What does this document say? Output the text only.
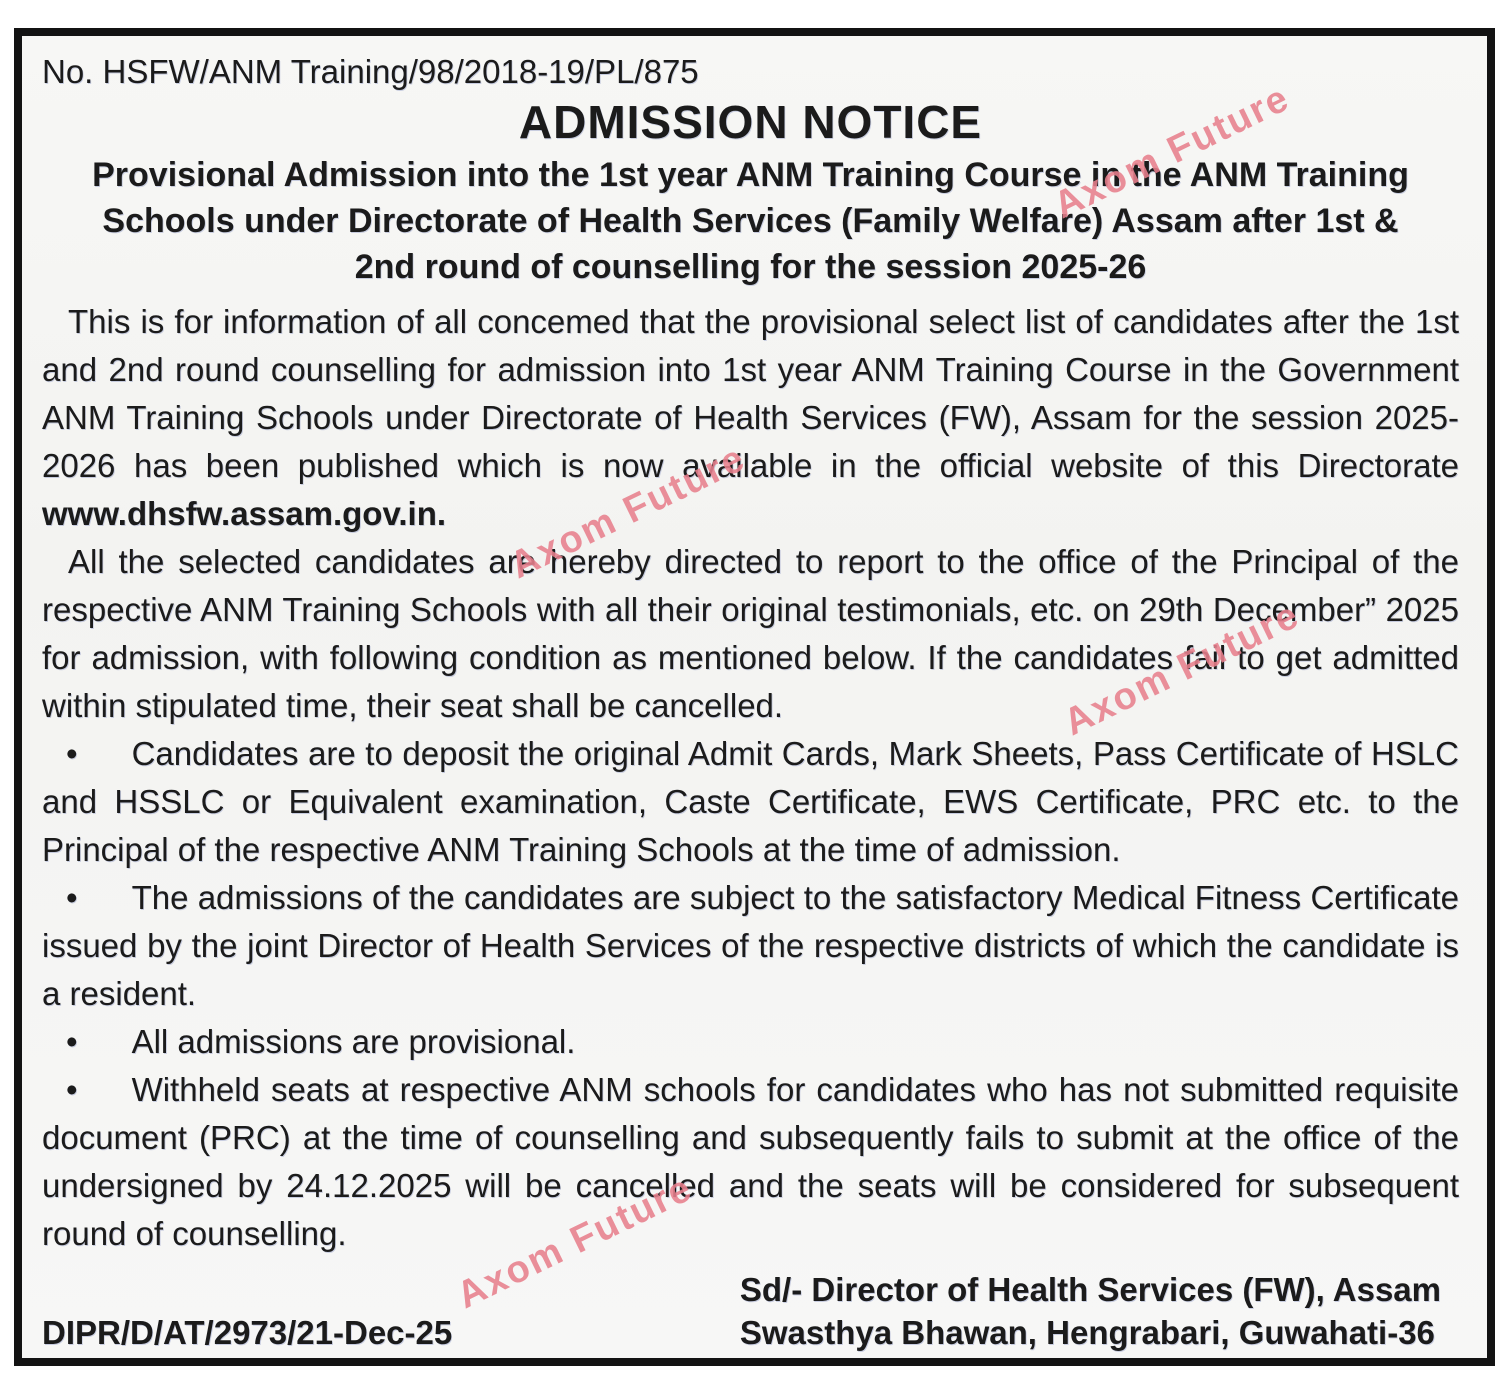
No. HSFW/ANM Training/98/2018-19/PL/875
ADMISSION NOTICE
Provisional Admission into the 1st year ANM Training Course in the ANM Training Schools under Directorate of Health Services (Family Welfare) Assam after 1st & 2nd round of counselling for the session 2025-26

This is for information of all concemed that the provisional select list of candidates after the 1st and 2nd round counselling for admission into 1st year ANM Training Course in the Government ANM Training Schools under Directorate of Health Services (FW), Assam for the session 2025-2026 has been published which is now available in the official website of this Directorate www.dhsfw.assam.gov.in.

All the selected candidates are hereby directed to report to the office of the Principal of the respective ANM Training Schools with all their original testimonials, etc. on 29th December” 2025 for admission, with following condition as mentioned below. If the candidates fail to get admitted within stipulated time, their seat shall be cancelled.

• Candidates are to deposit the original Admit Cards, Mark Sheets, Pass Certificate of HSLC and HSSLC or Equivalent examination, Caste Certificate, EWS Certificate, PRC etc. to the Principal of the respective ANM Training Schools at the time of admission.

• The admissions of the candidates are subject to the satisfactory Medical Fitness Certificate issued by the joint Director of Health Services of the respective districts of which the candidate is a resident.

• All admissions are provisional.

• Withheld seats at respective ANM schools for candidates who has not submitted requisite document (PRC) at the time of counselling and subsequently fails to submit at the office of the undersigned by 24.12.2025 will be cancelled and the seats will be considered for subsequent round of counselling.

DIPR/D/AT/2973/21-Dec-25
Sd/- Director of Health Services (FW), Assam
Swasthya Bhawan, Hengrabari, Guwahati-36
Axom Future
Axom Future
Axom Future
Axom Future
